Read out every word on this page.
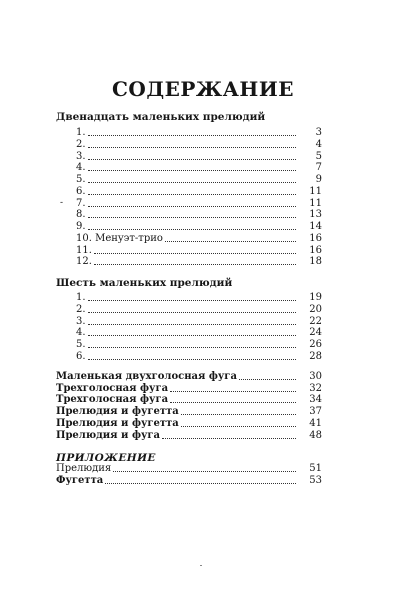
СОДЕРЖАНИЕ
Двенадцать маленьких прелюдий
1.	3
2.	4
3.	5
4.	7
5.	9
6.	11
7.	11
8.	13
9.	14
10. Менуэт-трио	16
11.	16
12.	18
Шесть маленьких прелюдий
1.	19
2.	20
3.	22
4.	24
5.	26
6.	28
Маленькая двухголосная фуга	30
Трехголосная фуга	32
Трехголосная фуга	34
Прелюдия и фугетта	37
Прелюдия и фугетта	41
Прелюдия и фуга	48
ПРИЛОЖЕНИЕ
Прелюдия	51
Фугетта	53
-
